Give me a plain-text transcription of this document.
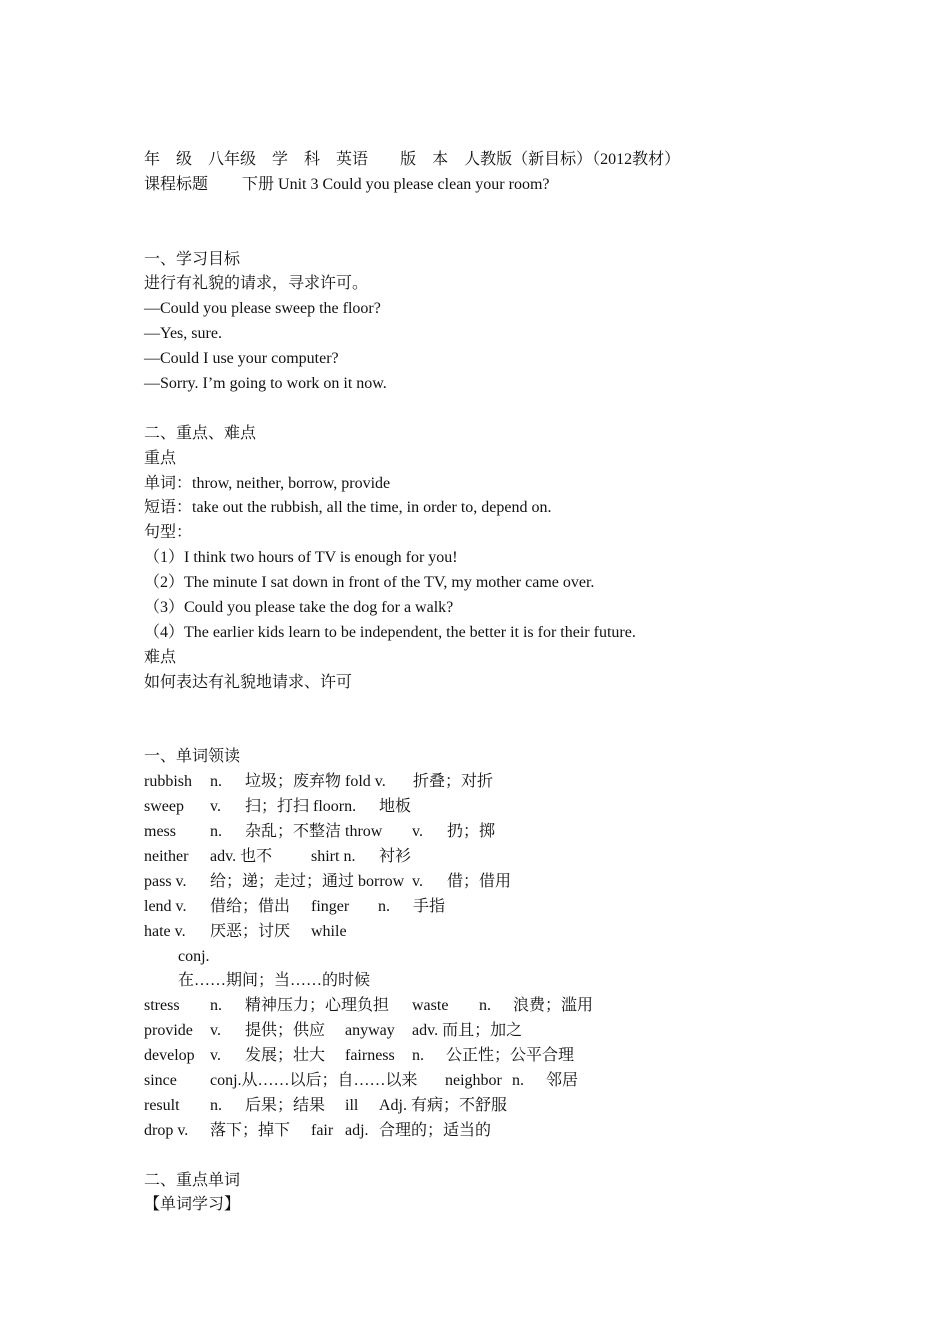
年　级 八年级 学　科 英语 版　本 人教版（新目标）（2012教材）
课程标题 下册 Unit 3 Could you please clean your room?
一、学习目标
进行有礼貌的请求，寻求许可。
—Could you please sweep the floor?
—Yes, sure.
—Could I use your computer?
—Sorry. I’m going to work on it now.
二、重点、难点
重点
单词：throw, neither, borrow, provide
短语：take out the rubbish, all the time, in order to, depend on.
句型：
（1）I think two hours of TV is enough for you!
（2）The minute I sat down in front of the TV, my mother came over.
（3）Could you please take the dog for a walk?
（4）The earlier kids learn to be independent, the better it is for their future.
难点
如何表达有礼貌地请求、许可
一、单词领读
rubbish n. 垃圾；废弃物 fold v. 折叠；对折
sweep v. 扫；打扫 floorn. 地板
mess n. 杂乱；不整洁 throw v. 扔；掷
neither adv. 也不 shirt n. 衬衫
pass v. 给；递；走过；通过 borrow v. 借；借用
lend v. 借给；借出 finger n. 手指
hate v. 厌恶；讨厌 while
conj.
在……期间；当……的时候
stress n. 精神压力；心理负担 waste n. 浪费；滥用
provide v. 提供；供应 anyway adv. 而且；加之
develop v. 发展；壮大 fairness n. 公正性；公平合理
since conj.从……以后；自……以来 neighbor n. 邻居
result n. 后果；结果 ill Adj. 有病；不舒服
drop v. 落下；掉下 fair adj. 合理的；适当的
二、重点单词
【单词学习】
